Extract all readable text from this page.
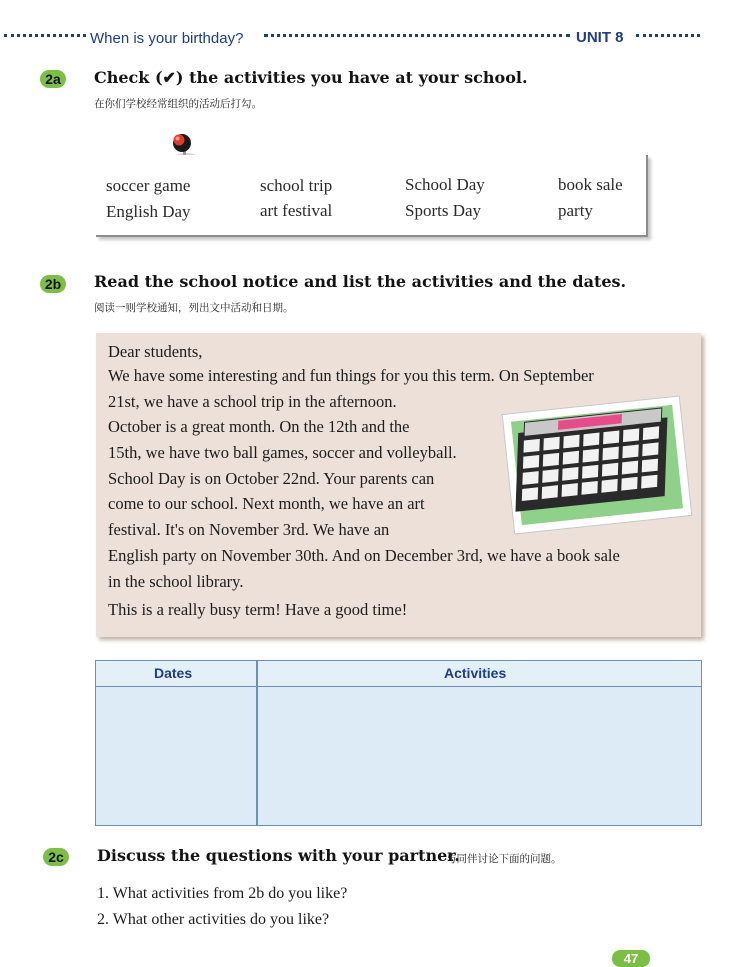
When is your birthday?	UNIT 8
2a	Check (✔) the activities you have at your school.
在你们学校经常组织的活动后打勾。
soccer game	school trip	School Day	book sale
English Day	art festival	Sports Day	party
2b	Read the school notice and list the activities and the dates.
阅读一则学校通知，列出文中活动和日期。

Dear students,

We have some interesting and fun things for you this term. On September

21st, we have a school trip in the afternoon.

October is a great month. On the 12th and the

15th, we have two ball games, soccer and volleyball.

School Day is on October 22nd. Your parents can

come to our school. Next month, we have an art

festival. It's on November 3rd. We have an

English party on November 30th. And on December 3rd, we have a book sale

in the school library.

This is a really busy term! Have a good time!

Dates	Activities
2c	Discuss the questions with your partner.
与同伴讨论下面的问题。
1. What activities from 2b do you like?
2. What other activities do you like?
47
